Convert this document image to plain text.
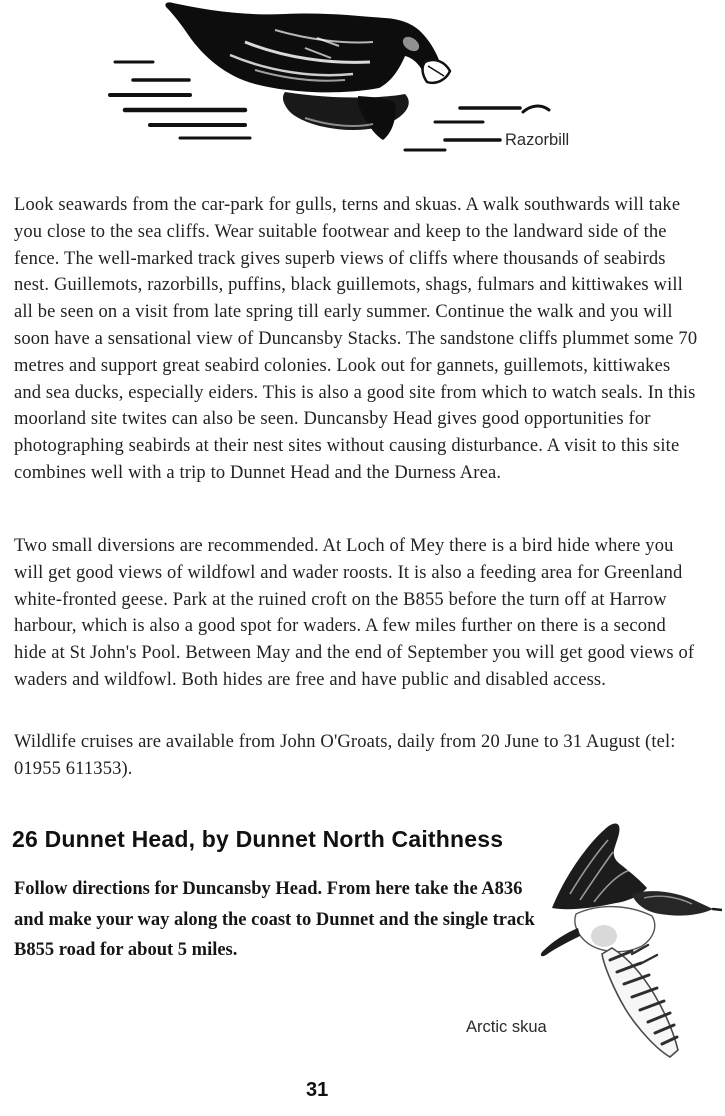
Razorbill
Look seawards from the car-park for gulls, terns and skuas. A walk southwards will take you close to the sea cliffs. Wear suitable footwear and keep to the landward side of the fence. The well-marked track gives superb views of cliffs where thousands of seabirds nest. Guillemots, razorbills, puffins, black guillemots, shags, fulmars and kittiwakes will all be seen on a visit from late spring till early summer. Continue the walk and you will soon have a sensational view of Duncansby Stacks. The sandstone cliffs plummet some 70 metres and support great seabird colonies. Look out for gannets, guillemots, kittiwakes and sea ducks, especially eiders. This is also a good site from which to watch seals. In this moorland site twites can also be seen. Duncansby Head gives good opportunities for photographing seabirds at their nest sites without causing disturbance. A visit to this site combines well with a trip to Dunnet Head and the Durness Area.
Two small diversions are recommended. At Loch of Mey there is a bird hide where you will get good views of wildfowl and wader roosts. It is also a feeding area for Greenland white-fronted geese. Park at the ruined croft on the B855 before the turn off at Harrow harbour, which is also a good spot for waders. A few miles further on there is a second hide at St John's Pool. Between May and the end of September you will get good views of waders and wildfowl. Both hides are free and have public and disabled access.
Wildlife cruises are available from John O'Groats, daily from 20 June to 31 August (tel: 01955 611353).
26 Dunnet Head, by Dunnet North Caithness
Follow directions for Duncansby Head. From here take the A836 and make your way along the coast to Dunnet and the single track B855 road for about 5 miles.
Arctic skua
31
